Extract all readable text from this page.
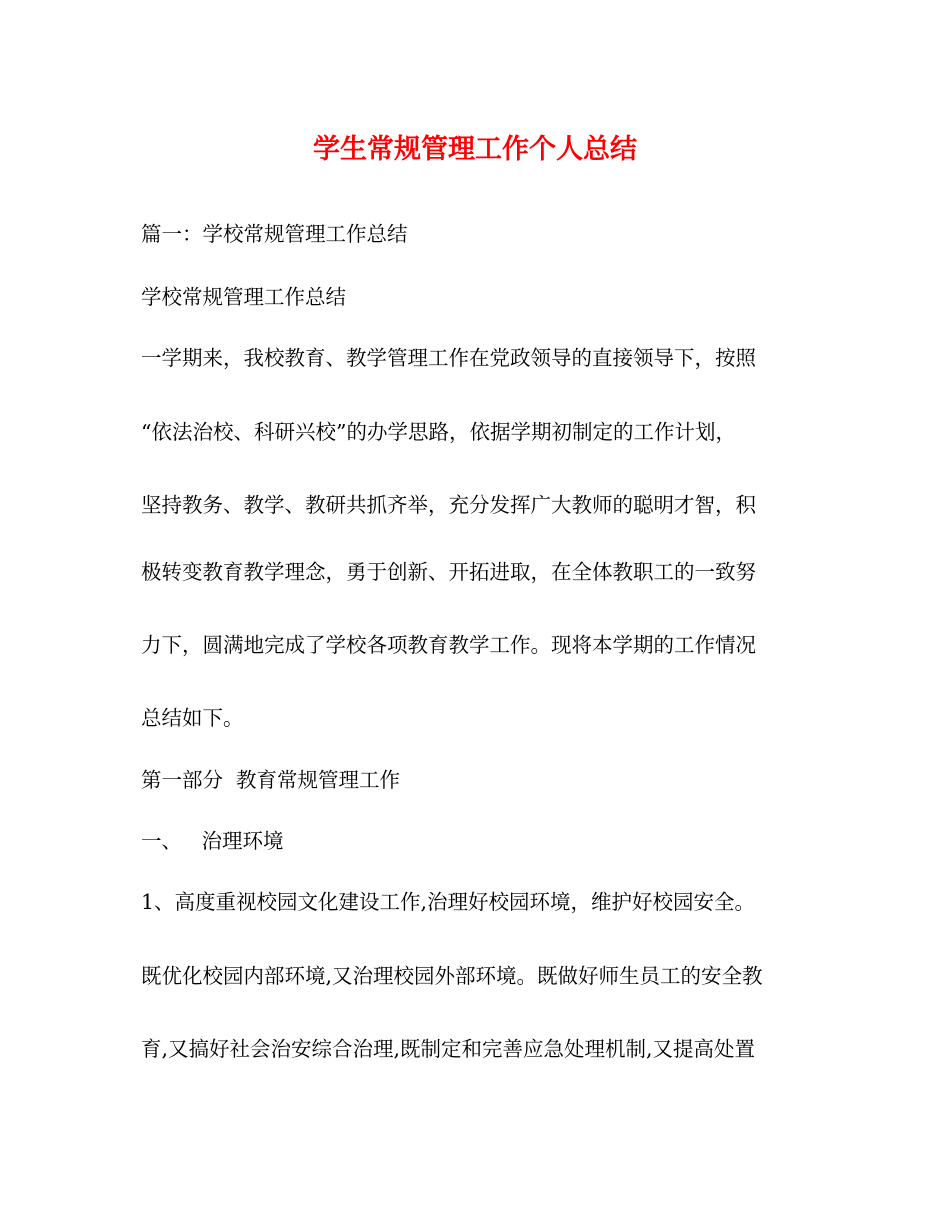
学生常规管理工作个人总结
篇一：学校常规管理工作总结
学校常规管理工作总结
一学期来，我校教育、教学管理工作在党政领导的直接领导下，按照
“依法治校、科研兴校”的办学思路，依据学期初制定的工作计划，
坚持教务、教学、教研共抓齐举，充分发挥广大教师的聪明才智，积
极转变教育教学理念，勇于创新、开拓进取，在全体教职工的一致努
力下，圆满地完成了学校各项教育教学工作。现将本学期的工作情况
总结如下。
第一部分  教育常规管理工作
一、   治理环境
1、高度重视校园文化建设工作,治理好校园环境，维护好校园安全。
既优化校园内部环境,又治理校园外部环境。既做好师生员工的安全教
育,又搞好社会治安综合治理,既制定和完善应急处理机制,又提高处置
